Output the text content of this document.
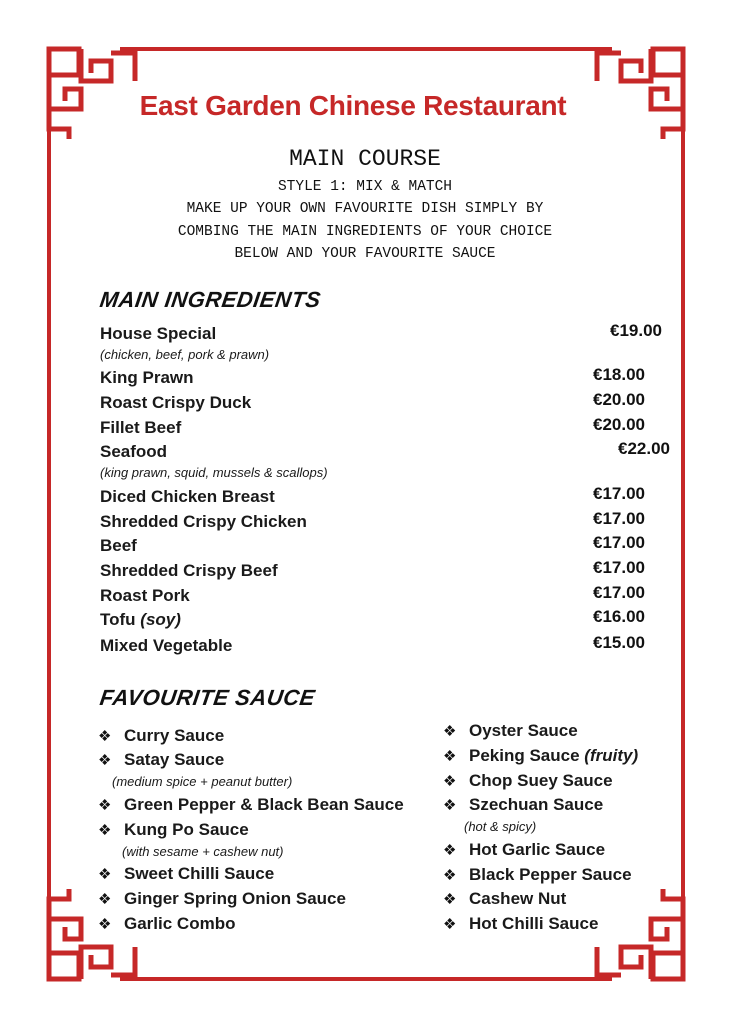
East Garden Chinese Restaurant
MAIN COURSE
STYLE 1: MIX & MATCH
MAKE UP YOUR OWN FAVOURITE DISH SIMPLY BY
COMBING THE MAIN INGREDIENTS OF YOUR CHOICE
BELOW AND YOUR FAVOURITE SAUCE
MAIN INGREDIENTS
FAVOURITE SAUCE
House Special	€19.00
(chicken, beef, pork & prawn)
King Prawn	€18.00
Roast Crispy Duck	€20.00
Fillet Beef	€20.00
Seafood	€22.00
(king prawn, squid, mussels & scallops)
Diced Chicken Breast	€17.00
Shredded Crispy Chicken	€17.00
Beef	€17.00
Shredded Crispy Beef	€17.00
Roast Pork	€17.00
Tofu (soy)	€16.00
Mixed Vegetable	€15.00
❖ Curry Sauce
❖ Satay Sauce
(medium spice + peanut butter)
❖ Green Pepper & Black Bean Sauce
❖ Kung Po Sauce
(with sesame + cashew nut)
❖ Sweet Chilli Sauce
❖ Ginger Spring Onion Sauce
❖ Garlic Combo
❖ Oyster Sauce
❖ Peking Sauce (fruity)
❖ Chop Suey Sauce
❖ Szechuan Sauce
(hot & spicy)
❖ Hot Garlic Sauce
❖ Black Pepper Sauce
❖ Cashew Nut
❖ Hot Chilli Sauce
